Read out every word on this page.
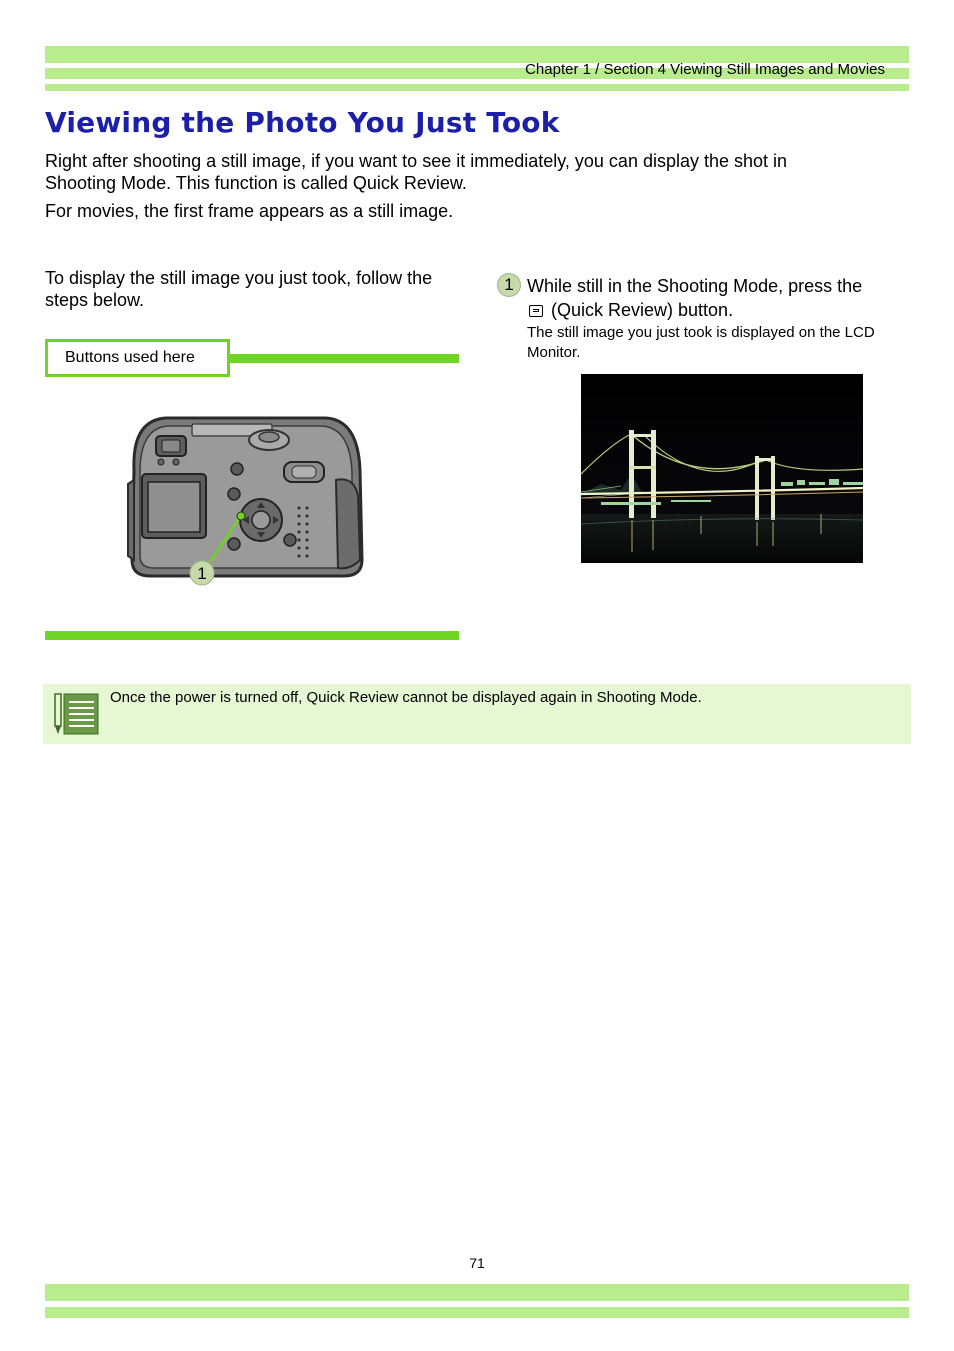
Chapter 1 / Section 4 Viewing Still Images and Movies
Viewing the Photo You Just Took

Right after shooting a still image, if you want to see it immediately, you can display the shot in

Shooting Mode. This function is called Quick Review.

For movies, the first frame appears as a still image.

To display the still image you just took, follow the steps below.

Buttons used here
1
1 While still in the Shooting Mode, press the
(Quick Review) button.
The still image you just took is displayed on the LCD Monitor.
Once the power is turned off, Quick Review cannot be displayed again in Shooting Mode.
71
